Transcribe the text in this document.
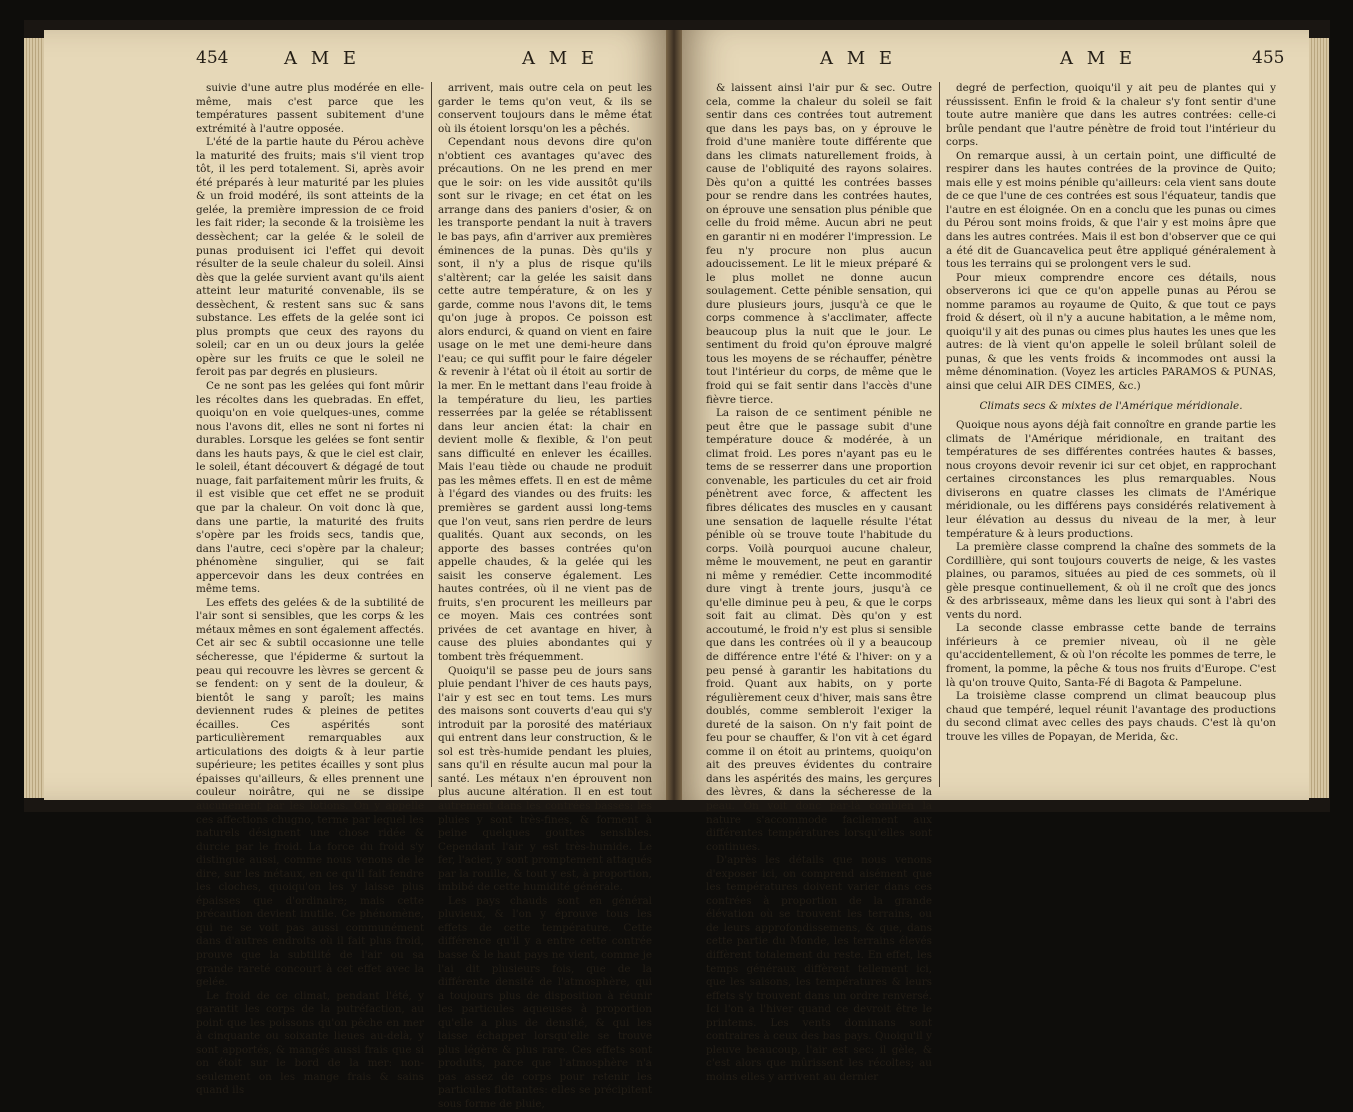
454	A M E	A M E

suivie d'une autre plus modérée en elle-même, mais c'est parce que les températures passent subitement d'une extrémité à l'autre opposée.

L'été de la partie haute du Pérou achève la maturité des fruits; mais s'il vient trop tôt, il les perd totalement. Si, après avoir été préparés à leur maturité par les pluies & un froid modéré, ils sont atteints de la gelée, la première impression de ce froid les fait rider; la seconde & la troisième les dessèchent; car la gelée & le soleil de punas produisent ici l'effet qui devoit résulter de la seule chaleur du soleil. Ainsi dès que la gelée survient avant qu'ils aient atteint leur maturité convenable, ils se dessèchent, & restent sans suc & sans substance. Les effets de la gelée sont ici plus prompts que ceux des rayons du soleil; car en un ou deux jours la gelée opère sur les fruits ce que le soleil ne feroit pas par degrés en plusieurs.

Ce ne sont pas les gelées qui font mûrir les récoltes dans les quebradas. En effet, quoiqu'on en voie quelques-unes, comme nous l'avons dit, elles ne sont ni fortes ni durables. Lorsque les gelées se font sentir dans les hauts pays, & que le ciel est clair, le soleil, étant découvert & dégagé de tout nuage, fait parfaitement mûrir les fruits, & il est visible que cet effet ne se produit que par la chaleur. On voit donc là que, dans une partie, la maturité des fruits s'opère par les froids secs, tandis que, dans l'autre, ceci s'opère par la chaleur; phénomène singulier, qui se fait appercevoir dans les deux contrées en même tems.

Les effets des gelées & de la subtilité de l'air sont si sensibles, que les corps & les métaux mêmes en sont également affectés. Cet air sec & subtil occasionne une telle sécheresse, que l'épiderme & surtout la peau qui recouvre les lèvres se gercent & se fendent: on y sent de la douleur, & bientôt le sang y paroît; les mains deviennent rudes & pleines de petites écailles. Ces aspérités sont particulièrement remarquables aux articulations des doigts & à leur partie supérieure; les petites écailles y sont plus épaisses qu'ailleurs, & elles prennent une couleur noirâtre, qui ne se dissipe aucunement par les lotions. On y appelle ces affections chugno, terme par lequel les naturels désignent une chose ridée & durcie par le froid. La force du froid s'y distingue aussi, comme nous venons de le dire, sur les métaux, en ce qu'il fait fendre les cloches, quoiqu'on les y laisse plus épaisses que d'ordinaire; mais cette précaution devient inutile. Ce phénomène, qui ne se voit pas aussi communément dans d'autres endroits où il fait plus froid, prouve que la subtilité de l'air ou sa grande rareté concourt à cet effet avec la gelée.

Le froid de ce climat, pendant l'été, y garantit les corps de la putréfaction, au point que les poissons qu'on pêche en mer à cinquante ou soixante lieues au-delà, y sont apportés, & mangés aussi frais que si on étoit sur le bord de la mer: non-seulement on les mange frais & sains quand ils

arrivent, mais outre cela on peut les garder le tems qu'on veut, & ils se conservent toujours dans le même état où ils étoient lorsqu'on les a pêchés.

Cependant nous devons dire qu'on n'obtient ces avantages qu'avec des précautions. On ne les prend en mer que le soir: on les vide aussitôt qu'ils sont sur le rivage; en cet état on les arrange dans des paniers d'osier, & on les transporte pendant la nuit à travers le bas pays, afin d'arriver aux premières éminences de la punas. Dès qu'ils y sont, il n'y a plus de risque qu'ils s'altèrent; car la gelée les saisit dans cette autre température, & on les y garde, comme nous l'avons dit, le tems qu'on juge à propos. Ce poisson est alors endurci, & quand on vient en faire usage on le met une demi-heure dans l'eau; ce qui suffit pour le faire dégeler & revenir à l'état où il étoit au sortir de la mer. En le mettant dans l'eau froide à la température du lieu, les parties resserrées par la gelée se rétablissent dans leur ancien état: la chair en devient molle & flexible, & l'on peut sans difficulté en enlever les écailles. Mais l'eau tiède ou chaude ne produit pas les mêmes effets. Il en est de même à l'égard des viandes ou des fruits: les premières se gardent aussi long-tems que l'on veut, sans rien perdre de leurs qualités. Quant aux seconds, on les apporte des basses contrées qu'on appelle chaudes, & la gelée qui les saisit les conserve également. Les hautes contrées, où il ne vient pas de fruits, s'en procurent les meilleurs par ce moyen. Mais ces contrées sont privées de cet avantage en hiver, à cause des pluies abondantes qui y tombent très fréquemment.

Quoiqu'il se passe peu de jours sans pluie pendant l'hiver de ces hauts pays, l'air y est sec en tout tems. Les murs des maisons sont couverts d'eau qui s'y introduit par la porosité des matériaux qui entrent dans leur construction, & le sol est très-humide pendant les pluies, sans qu'il en résulte aucun mal pour la santé. Les métaux n'en éprouvent non plus aucune altération. Il en est tout autrement dans les contrées basses: les pluies y sont très-fines, & forment à peine quelques gouttes sensibles. Cependant l'air y est très-humide. Le fer, l'acier, y sont promptement attaqués par la rouille, & tout y est, à proportion, imbibé de cette humidité générale.

Les pays chauds sont en général pluvieux, & l'on y éprouve tous les effets de cette température. Cette différence qu'il y a entre cette contrée basse & le haut pays ne vient, comme je l'ai dit plusieurs fois, que de la différente densité de l'atmosphère, qui a toujours plus de disposition à réunir les particules aqueuses à proportion qu'elle a plus de densité, & qui les laisse échapper lorsqu'elle se trouve plus légère & plus rare. Ces effets sont produits, parce que l'atmosphère n'a pas assez de corps pour retenir les particules flottantes: elles se précipitent sous forme de pluie,

A M E	A M E	455

& laissent ainsi l'air pur & sec. Outre cela, comme la chaleur du soleil se fait sentir dans ces contrées tout autrement que dans les pays bas, on y éprouve le froid d'une manière toute différente que dans les climats naturellement froids, à cause de l'obliquité des rayons solaires. Dès qu'on a quitté les contrées basses pour se rendre dans les contrées hautes, on éprouve une sensation plus pénible que celle du froid même. Aucun abri ne peut en garantir ni en modérer l'impression. Le feu n'y procure non plus aucun adoucissement. Le lit le mieux préparé & le plus mollet ne donne aucun soulagement. Cette pénible sensation, qui dure plusieurs jours, jusqu'à ce que le corps commence à s'acclimater, affecte beaucoup plus la nuit que le jour. Le sentiment du froid qu'on éprouve malgré tous les moyens de se réchauffer, pénètre tout l'intérieur du corps, de même que le froid qui se fait sentir dans l'accès d'une fièvre tierce.

La raison de ce sentiment pénible ne peut être que le passage subit d'une température douce & modérée, à un climat froid. Les pores n'ayant pas eu le tems de se resserrer dans une proportion convenable, les particules du cet air froid pénètrent avec force, & affectent les fibres délicates des muscles en y causant une sensation de laquelle résulte l'état pénible où se trouve toute l'habitude du corps. Voilà pourquoi aucune chaleur, même le mouvement, ne peut en garantir ni même y remédier. Cette incommodité dure vingt à trente jours, jusqu'à ce qu'elle diminue peu à peu, & que le corps soit fait au climat. Dès qu'on y est accoutumé, le froid n'y est plus si sensible que dans les contrées où il y a beaucoup de différence entre l'été & l'hiver: on y a peu pensé à garantir les habitations du froid. Quant aux habits, on y porte régulièrement ceux d'hiver, mais sans être doublés, comme sembleroit l'exiger la dureté de la saison. On n'y fait point de feu pour se chauffer, & l'on vit à cet égard comme il on étoit au printems, quoiqu'on ait des preuves évidentes du contraire dans les aspérités des mains, les gerçures des lèvres, & dans la sécheresse de la peau. On voit donc par-là combien la nature s'accommode facilement aux différentes températures lorsqu'elles sont continues.

D'après les détails que nous venons d'exposer ici, on comprend aisément que les températures doivent varier dans ces contrées à proportion de la grande élévation où se trouvent les terrains, ou de leurs approfondissemens, & que, dans cette partie du Monde, les terrains élevés diffèrent totalement du reste. En effet, les temps généraux diffèrent tellement ici, que les saisons, les températures & leurs effets s'y trouvent dans un ordre renversé. Ici l'on a l'hiver quand ce devroit être le printems. Les vents dominans sont contraires à ceux des bas pays. Quoiqu'il y pleuve beaucoup, l'air est sec: il gèle, & c'est alors que mûrissent les récoltes; au moins elles y arrivent au dernier

degré de perfection, quoiqu'il y ait peu de plantes qui y réussissent. Enfin le froid & la chaleur s'y font sentir d'une toute autre manière que dans les autres contrées: celle-ci brûle pendant que l'autre pénètre de froid tout l'intérieur du corps.

On remarque aussi, à un certain point, une difficulté de respirer dans les hautes contrées de la province de Quito; mais elle y est moins pénible qu'ailleurs: cela vient sans doute de ce que l'une de ces contrées est sous l'équateur, tandis que l'autre en est éloignée. On en a conclu que les punas ou cimes du Pérou sont moins froids, & que l'air y est moins âpre que dans les autres contrées. Mais il est bon d'observer que ce qui a été dit de Guancavelica peut être appliqué généralement à tous les terrains qui se prolongent vers le sud.

Pour mieux comprendre encore ces détails, nous observerons ici que ce qu'on appelle punas au Pérou se nomme paramos au royaume de Quito, & que tout ce pays froid & désert, où il n'y a aucune habitation, a le même nom, quoiqu'il y ait des punas ou cimes plus hautes les unes que les autres: de là vient qu'on appelle le soleil brûlant soleil de punas, & que les vents froids & incommodes ont aussi la même dénomination. (Voyez les articles PARAMOS & PUNAS, ainsi que celui AIR DES CIMES, &c.)

Climats secs & mixtes de l'Amérique méridionale.

Quoique nous ayons déjà fait connoître en grande partie les climats de l'Amérique méridionale, en traitant des températures de ses différentes contrées hautes & basses, nous croyons devoir revenir ici sur cet objet, en rapprochant certaines circonstances les plus remarquables. Nous diviserons en quatre classes les climats de l'Amérique méridionale, ou les différens pays considérés relativement à leur élévation au dessus du niveau de la mer, à leur température & à leurs productions.

La première classe comprend la chaîne des sommets de la Cordillière, qui sont toujours couverts de neige, & les vastes plaines, ou paramos, situées au pied de ces sommets, où il gèle presque continuellement, & où il ne croît que des joncs & des arbrisseaux, même dans les lieux qui sont à l'abri des vents du nord.

La seconde classe embrasse cette bande de terrains inférieurs à ce premier niveau, où il ne gèle qu'accidentellement, & où l'on récolte les pommes de terre, le froment, la pomme, la pêche & tous nos fruits d'Europe. C'est là qu'on trouve Quito, Santa-Fé di Bagota & Pampelune.

La troisième classe comprend un climat beaucoup plus chaud que tempéré, lequel réunit l'avantage des productions du second climat avec celles des pays chauds. C'est là qu'on trouve les villes de Popayan, de Merida, &c.
